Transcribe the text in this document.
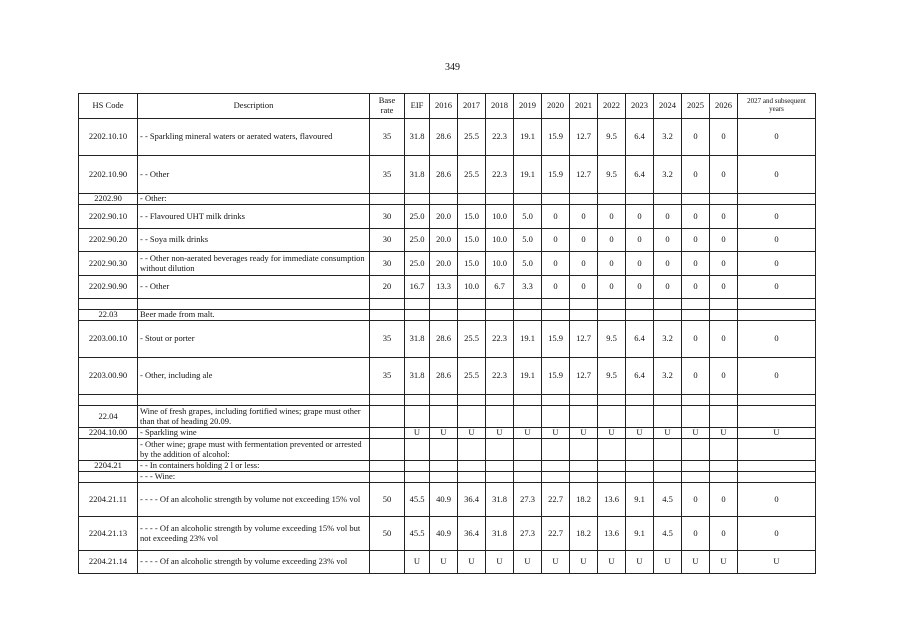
349
HS Code	Description	Base rate	EIF	2016	2017	2018	2019	2020	2021	2022	2023	2024	2025	2026	2027 and subsequent years
2202.10.10	- - Sparkling mineral waters or aerated waters, flavoured	35	31.8	28.6	25.5	22.3	19.1	15.9	12.7	9.5	6.4	3.2	0	0	0
2202.10.90	- - Other	35	31.8	28.6	25.5	22.3	19.1	15.9	12.7	9.5	6.4	3.2	0	0	0
2202.90	- Other:														
2202.90.10	- - Flavoured UHT milk drinks	30	25.0	20.0	15.0	10.0	5.0	0	0	0	0	0	0	0	0
2202.90.20	- - Soya milk drinks	30	25.0	20.0	15.0	10.0	5.0	0	0	0	0	0	0	0	0
2202.90.30	- - Other non-aerated beverages ready for immediate consumption without dilution	30	25.0	20.0	15.0	10.0	5.0	0	0	0	0	0	0	0	0
2202.90.90	- - Other	20	16.7	13.3	10.0	6.7	3.3	0	0	0	0	0	0	0	0

22.03	Beer made from malt.														
2203.00.10	- Stout or porter	35	31.8	28.6	25.5	22.3	19.1	15.9	12.7	9.5	6.4	3.2	0	0	0
2203.00.90	- Other, including ale	35	31.8	28.6	25.5	22.3	19.1	15.9	12.7	9.5	6.4	3.2	0	0	0

22.04	Wine of fresh grapes, including fortified wines; grape must other than that of heading 20.09.														
2204.10.00	- Sparkling wine		U	U	U	U	U	U	U	U	U	U	U	U	U
	- Other wine; grape must with fermentation prevented or arrested by the addition of alcohol:														
2204.21	- - In containers holding 2 l or less:														
	- - - Wine:														
2204.21.11	- - - - Of an alcoholic strength by volume not exceeding 15% vol	50	45.5	40.9	36.4	31.8	27.3	22.7	18.2	13.6	9.1	4.5	0	0	0
2204.21.13	- - - - Of an alcoholic strength by volume exceeding 15% vol but not exceeding 23% vol	50	45.5	40.9	36.4	31.8	27.3	22.7	18.2	13.6	9.1	4.5	0	0	0
2204.21.14	- - - - Of an alcoholic strength by volume exceeding 23% vol		U	U	U	U	U	U	U	U	U	U	U	U	U
